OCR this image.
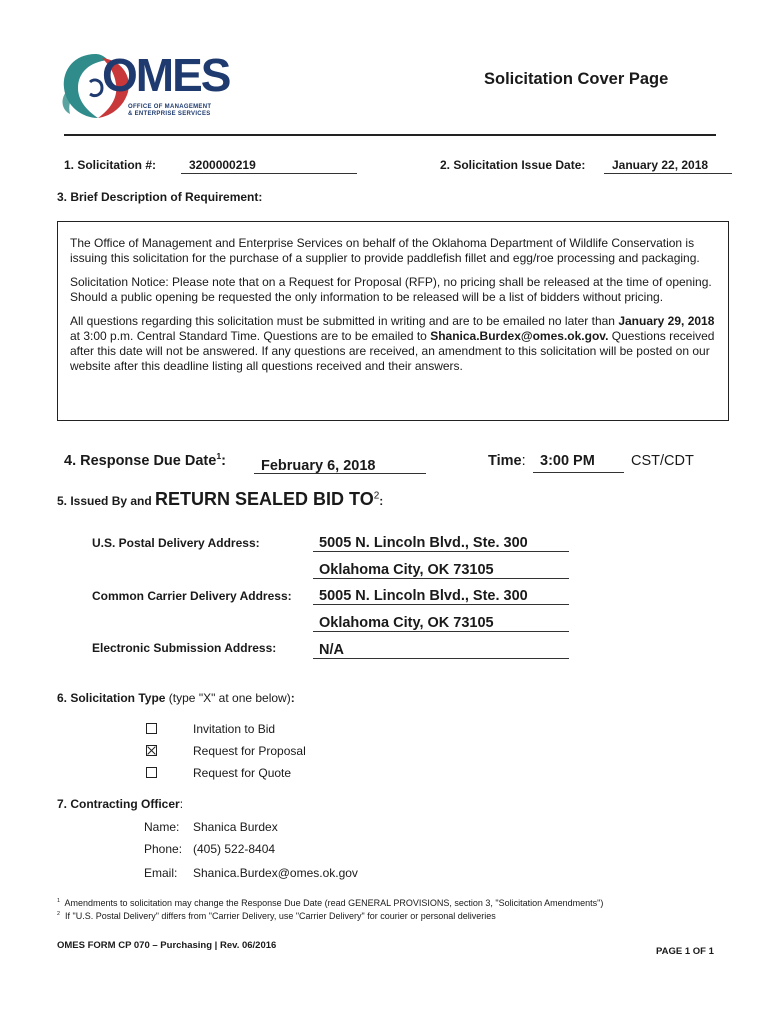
OMES
OFFICE OF MANAGEMENT
& ENTERPRISE SERVICES
Solicitation Cover Page
1. Solicitation #:	3200000219	2. Solicitation Issue Date:	January 22, 2018
3. Brief Description of Requirement:

The Office of Management and Enterprise Services on behalf of the Oklahoma Department of Wildlife Conservation is issuing this solicitation for the purchase of a supplier to provide paddlefish fillet and egg/roe processing and packaging.

Solicitation Notice: Please note that on a Request for Proposal (RFP), no pricing shall be released at the time of opening. Should a public opening be requested the only information to be released will be a list of bidders without pricing.

All questions regarding this solicitation must be submitted in writing and are to be emailed no later than January 29, 2018 at 3:00 p.m. Central Standard Time. Questions are to be emailed to Shanica.Burdex@omes.ok.gov. Questions received after this date will not be answered. If any questions are received, an amendment to this solicitation will be posted on our website after this deadline listing all questions received and their answers.

4. Response Due Date$^1$:	February 6, 2018	Time: 3:00 PM	CST/CDT
5. Issued By and RETURN SEALED BID $TO^2$:
U.S. Postal Delivery Address:	5005 N. Lincoln Blvd., Ste. 300
Oklahoma City, OK 73105
Common Carrier Delivery Address:	5005 N. Lincoln Blvd., Ste. 300
Oklahoma City, OK 73105
Electronic Submission Address:	N/A
6. Solicitation Type (type "X" at one below):
Invitation to Bid
Request for Proposal
Request for Quote
7. Contracting Officer:
Name: Shanica Burdex
Phone: (405) 522-8404
Email: Shanica.Burdex@omes.ok.gov
$^1$ Amendments to solicitation may change the Response Due Date (read GENERAL PROVISIONS, section 3, "Solicitation Amendments")
$^2$ If "U.S. Postal Delivery" differs from "Carrier Delivery, use "Carrier Delivery" for courier or personal deliveries
OMES FORM CP 070 – Purchasing | Rev. 06/2016
PAGE 1 OF 1
